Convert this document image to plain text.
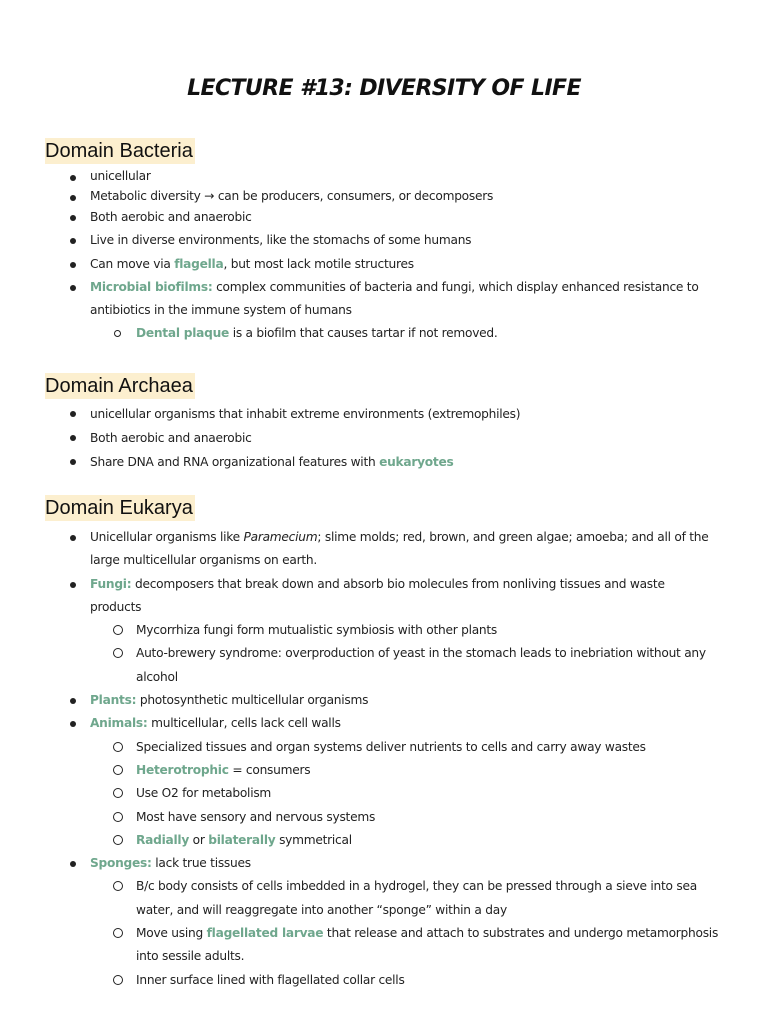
LECTURE #13: DIVERSITY OF LIFE
Domain Bacteria
unicellular
Metabolic diversity → can be producers, consumers, or decomposers
Both aerobic and anaerobic
Live in diverse environments, like the stomachs of some humans
Can move via flagella, but most lack motile structures
Microbial biofilms: complex communities of bacteria and fungi, which display enhanced resistance to antibiotics in the immune system of humans
Dental plaque is a biofilm that causes tartar if not removed.
Domain Archaea
unicellular organisms that inhabit extreme environments (extremophiles)
Both aerobic and anaerobic
Share DNA and RNA organizational features with eukaryotes
Domain Eukarya
Unicellular organisms like Paramecium; slime molds; red, brown, and green algae; amoeba; and all of the large multicellular organisms on earth.
Fungi: decomposers that break down and absorb bio molecules from nonliving tissues and waste products
Mycorrhiza fungi form mutualistic symbiosis with other plants
Auto-brewery syndrome: overproduction of yeast in the stomach leads to inebriation without any alcohol
Plants: photosynthetic multicellular organisms
Animals: multicellular, cells lack cell walls
Specialized tissues and organ systems deliver nutrients to cells and carry away wastes
Heterotrophic = consumers
Use O2 for metabolism
Most have sensory and nervous systems
Radially or bilaterally symmetrical
Sponges: lack true tissues
B/c body consists of cells imbedded in a hydrogel, they can be pressed through a sieve into sea water, and will reaggregate into another “sponge” within a day
Move using flagellated larvae that release and attach to substrates and undergo metamorphosis into sessile adults.
Inner surface lined with flagellated collar cells
